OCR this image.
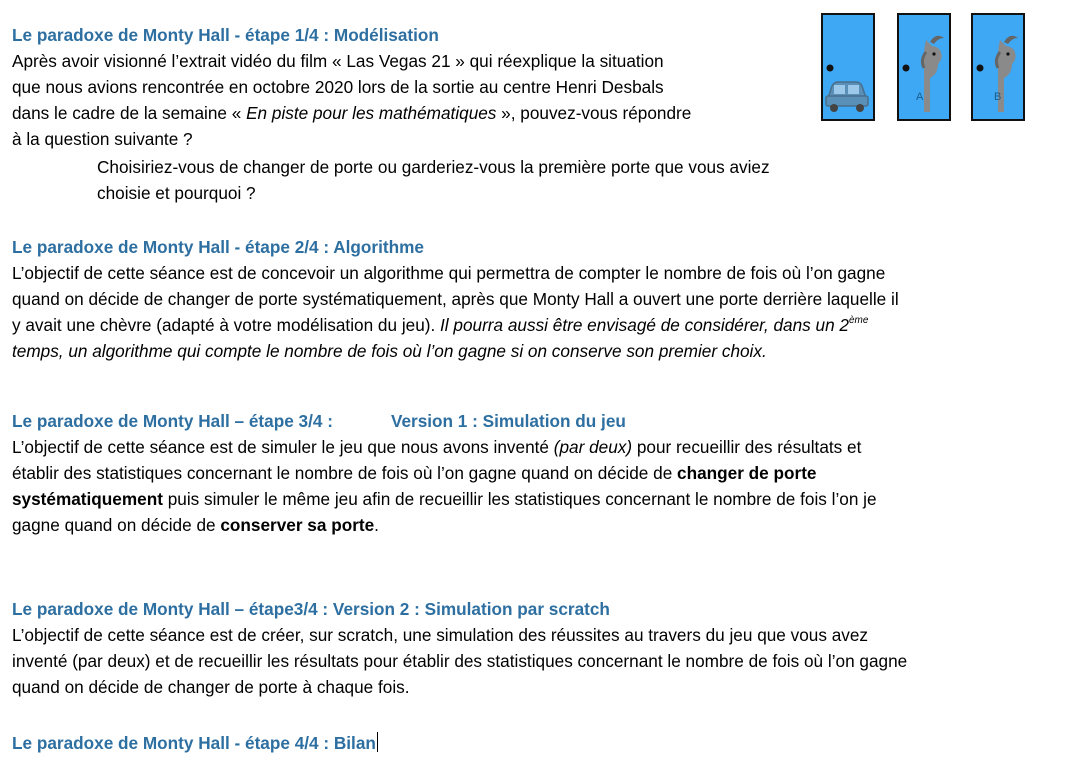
Le paradoxe de Monty Hall - étape 1/4 : Modélisation
Après avoir visionné l’extrait vidéo du film « Las Vegas 21 » qui réexplique la situation
que nous avions rencontrée en octobre 2020 lors de la sortie au centre Henri Desbals
dans le cadre de la semaine « En piste pour les mathématiques », pouvez-vous répondre
à la question suivante ?
Choisiriez-vous de changer de porte ou garderiez-vous la première porte que vous aviez
choisie et pourquoi ?
Le paradoxe de Monty Hall - étape 2/4 : Algorithme
L’objectif de cette séance est de concevoir un algorithme qui permettra de compter le nombre de fois où l’on gagne
quand on décide de changer de porte systématiquement, après que Monty Hall a ouvert une porte derrière laquelle il
y avait une chèvre (adapté à votre modélisation du jeu). Il pourra aussi être envisagé de considérer, dans un 2ème
temps, un algorithme qui compte le nombre de fois où l’on gagne si on conserve son premier choix.
Le paradoxe de Monty Hall – étape 3/4 :	Version 1 : Simulation du jeu
L’objectif de cette séance est de simuler le jeu que nous avons inventé (par deux) pour recueillir des résultats et
établir des statistiques concernant le nombre de fois où l’on gagne quand on décide de changer de porte
systématiquement puis simuler le même jeu afin de recueillir les statistiques concernant le nombre de fois l’on je
gagne quand on décide de conserver sa porte.
Le paradoxe de Monty Hall – étape3/4 : Version 2 : Simulation par scratch
L’objectif de cette séance est de créer, sur scratch, une simulation des réussites au travers du jeu que vous avez
inventé (par deux) et de recueillir les résultats pour établir des statistiques concernant le nombre de fois où l’on gagne
quand on décide de changer de porte à chaque fois.
Le paradoxe de Monty Hall - étape 4/4 : Bilan
A	B
